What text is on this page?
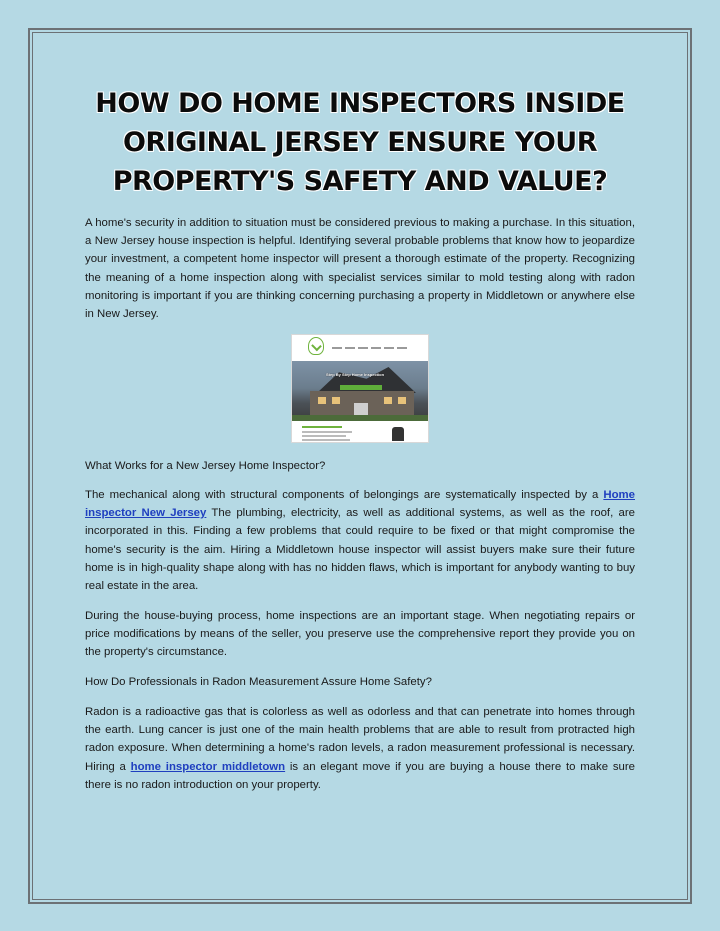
HOW DO HOME INSPECTORS INSIDE ORIGINAL JERSEY ENSURE YOUR PROPERTY'S SAFETY AND VALUE?

A home's security in addition to situation must be considered previous to making a purchase. In this situation, a New Jersey house inspection is helpful. Identifying several probable problems that know how to jeopardize your investment, a competent home inspector will present a thorough estimate of the property. Recognizing the meaning of a home inspection along with specialist services similar to mold testing along with radon monitoring is important if you are thinking concerning purchasing a property in Middletown or anywhere else in New Jersey.

Step By Step Home Inspection

What Works for a New Jersey Home Inspector?

The mechanical along with structural components of belongings are systematically inspected by a Home inspector New Jersey The plumbing, electricity, as well as additional systems, as well as the roof, are incorporated in this. Finding a few problems that could require to be fixed or that might compromise the home's security is the aim. Hiring a Middletown house inspector will assist buyers make sure their future home is in high-quality shape along with has no hidden flaws, which is important for anybody wanting to buy real estate in the area.

During the house-buying process, home inspections are an important stage. When negotiating repairs or price modifications by means of the seller, you preserve use the comprehensive report they provide you on the property's circumstance.

How Do Professionals in Radon Measurement Assure Home Safety?

Radon is a radioactive gas that is colorless as well as odorless and that can penetrate into homes through the earth. Lung cancer is just one of the main health problems that are able to result from protracted high radon exposure. When determining a home's radon levels, a radon measurement professional is necessary. Hiring a home inspector middletown is an elegant move if you are buying a house there to make sure there is no radon introduction on your property.
